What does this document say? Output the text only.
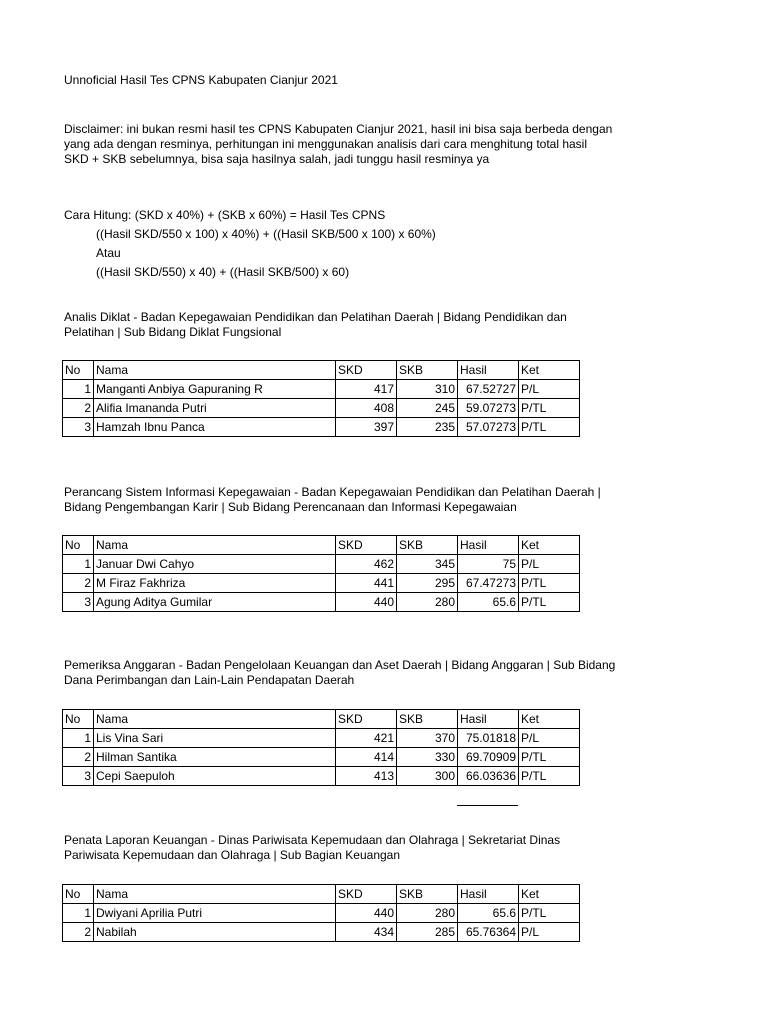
Unnoficial Hasil Tes CPNS Kabupaten Cianjur 2021
Disclaimer: ini bukan resmi hasil tes CPNS Kabupaten Cianjur 2021, hasil ini bisa saja berbeda dengan
yang ada dengan resminya, perhitungan ini menggunakan analisis dari cara menghitung total hasil
SKD + SKB sebelumnya, bisa saja hasilnya salah, jadi tunggu hasil resminya ya
Cara Hitung: (SKD x 40%) + (SKB x 60%) = Hasil Tes CPNS
((Hasil SKD/550 x 100) x 40%) + ((Hasil SKB/500 x 100) x 60%)
Atau
((Hasil SKD/550) x 40) + ((Hasil SKB/500) x 60)
Analis Diklat - Badan Kepegawaian Pendidikan dan Pelatihan Daerah | Bidang Pendidikan dan
Pelatihan | Sub Bidang Diklat Fungsional
No	Nama	SKD	SKB	Hasil	Ket
1	Manganti Anbiya Gapuraning R	417	310	67.52727	P/L
2	Alifia Imananda Putri	408	245	59.07273	P/TL
3	Hamzah Ibnu Panca	397	235	57.07273	P/TL
Perancang Sistem Informasi Kepegawaian - Badan Kepegawaian Pendidikan dan Pelatihan Daerah |
Bidang Pengembangan Karir | Sub Bidang Perencanaan dan Informasi Kepegawaian
No	Nama	SKD	SKB	Hasil	Ket
1	Januar Dwi Cahyo	462	345	75	P/L
2	M Firaz Fakhriza	441	295	67.47273	P/TL
3	Agung Aditya Gumilar	440	280	65.6	P/TL
Pemeriksa Anggaran - Badan Pengelolaan Keuangan dan Aset Daerah | Bidang Anggaran | Sub Bidang
Dana Perimbangan dan Lain-Lain Pendapatan Daerah
No	Nama	SKD	SKB	Hasil	Ket
1	Lis Vina Sari	421	370	75.01818	P/L
2	Hilman Santika	414	330	69.70909	P/TL
3	Cepi Saepuloh	413	300	66.03636	P/TL
Penata Laporan Keuangan - Dinas Pariwisata Kepemudaan dan Olahraga | Sekretariat Dinas
Pariwisata Kepemudaan dan Olahraga | Sub Bagian Keuangan
No	Nama	SKD	SKB	Hasil	Ket
1	Dwiyani Aprilia Putri	440	280	65.6	P/TL
2	Nabilah	434	285	65.76364	P/L
